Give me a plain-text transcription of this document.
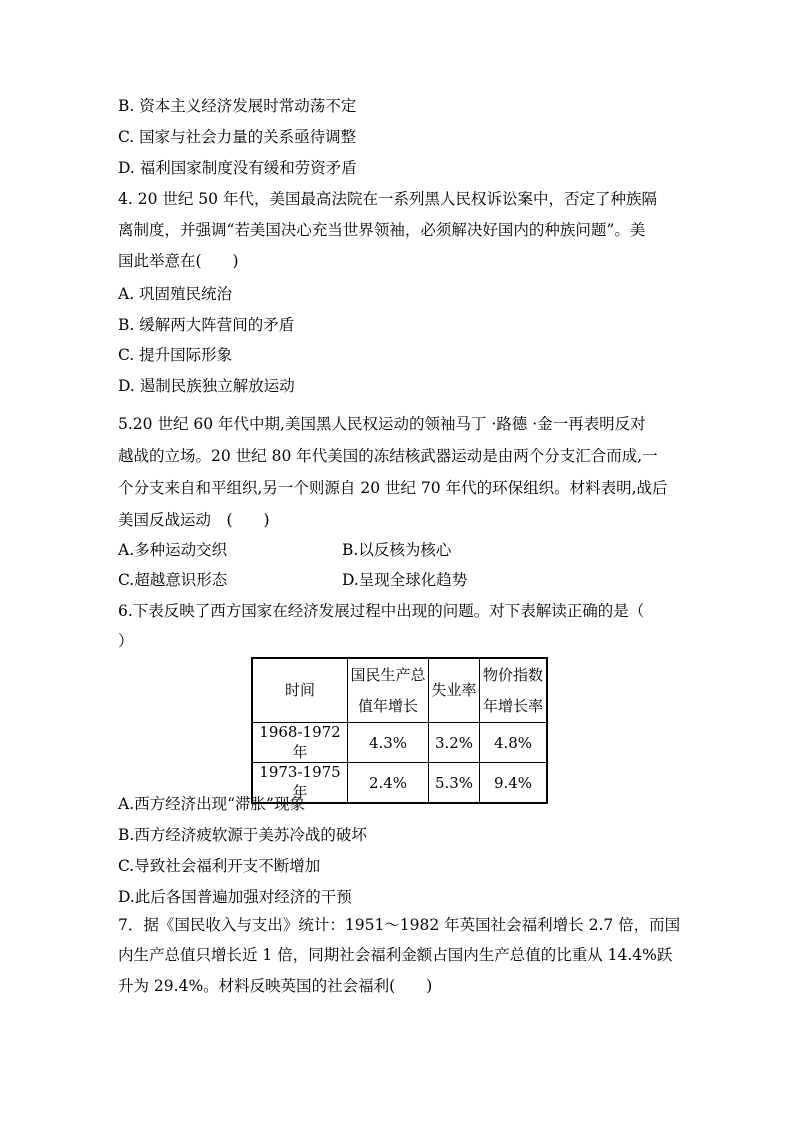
B. 资本主义经济发展时常动荡不定
C. 国家与社会力量的关系亟待调整
D. 福利国家制度没有缓和劳资矛盾
4. 20 世纪 50 年代，美国最高法院在一系列黑人民权诉讼案中，否定了种族隔
离制度，并强调“若美国决心充当世界领袖，必须解决好国内的种族问题”。美
国此举意在(　　)
A. 巩固殖民统治
B. 缓解两大阵营间的矛盾
C. 提升国际形象
D. 遏制民族独立解放运动
5.20 世纪 60 年代中期,美国黑人民权运动的领袖马丁 ·路德 ·金一再表明反对
越战的立场。20 世纪 80 年代美国的冻结核武器运动是由两个分支汇合而成,一
个分支来自和平组织,另一个则源自 20 世纪 70 年代的环保组织。材料表明,战后
美国反战运动　(　　)
A.多种运动交织	B.以反核为核心
C.超越意识形态	D.呈现全球化趋势
6.下表反映了西方国家在经济发展过程中出现的问题。对下表解读正确的是（
）
时间	国民生产总值年增长	失业率	物价指数年增长率
1968-1972 年	4.3%	3.2%	4.8%
1973-1975 年	2.4%	5.3%	9.4%
A.西方经济出现“滞胀”现象
B.西方经济疲软源于美苏冷战的破坏
C.导致社会福利开支不断增加
D.此后各国普遍加强对经济的干预
7．据《国民收入与支出》统计：1951～1982 年英国社会福利增长 2.7 倍，而国
内生产总值只增长近 1 倍，同期社会福利金额占国内生产总值的比重从 14.4%跃
升为 29.4%。材料反映英国的社会福利(　　)
